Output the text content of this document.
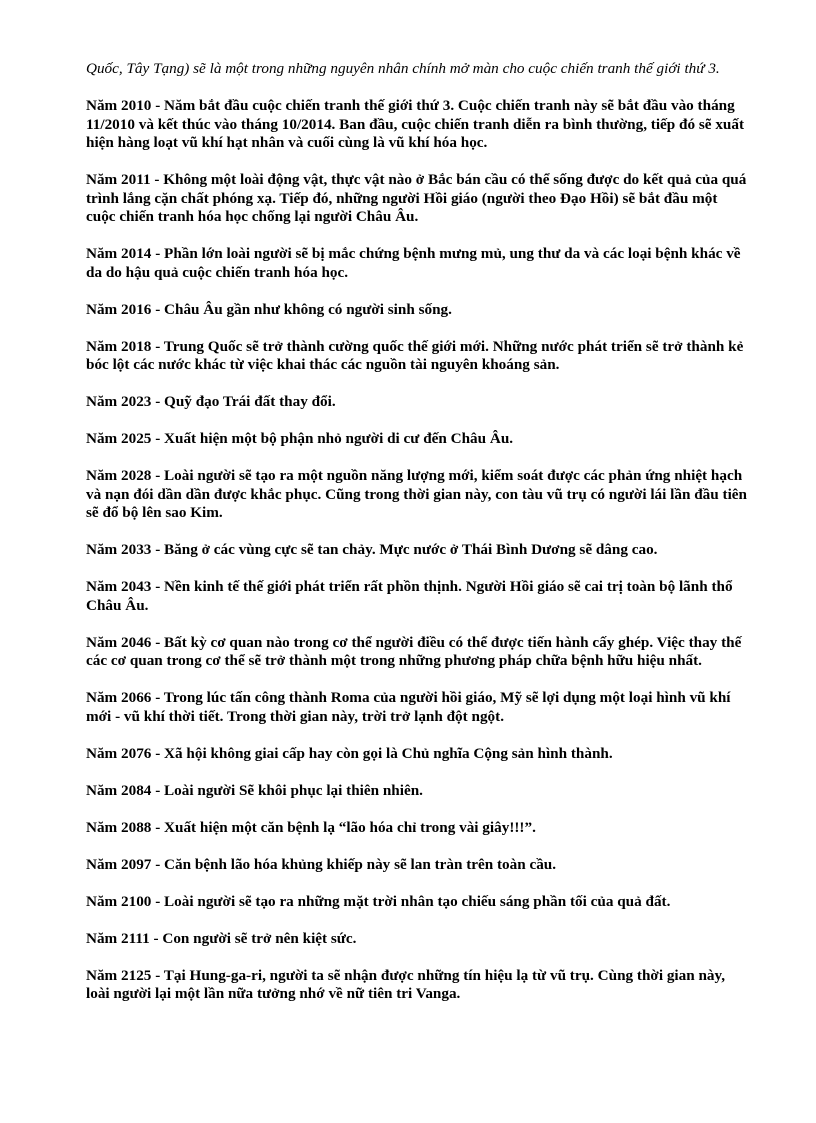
Quốc, Tây Tạng) sẽ là một trong những nguyên nhân chính mở màn cho cuộc chiến tranh thế giới thứ 3.

Năm 2010 - Năm bắt đầu cuộc chiến tranh thế giới thứ 3. Cuộc chiến tranh này sẽ bắt đầu vào tháng 11/2010 và kết thúc vào tháng 10/2014. Ban đầu, cuộc chiến tranh diễn ra bình thường, tiếp đó sẽ xuất hiện hàng loạt vũ khí hạt nhân và cuối cùng là vũ khí hóa học.

Năm 2011 - Không một loài động vật, thực vật nào ở Bắc bán cầu có thể sống được do kết quả của quá trình lắng cặn chất phóng xạ. Tiếp đó, những người Hồi giáo (người theo Đạo Hồi) sẽ bắt đầu một cuộc chiến tranh hóa học chống lại người Châu Âu.

Năm 2014 - Phần lớn loài người sẽ bị mắc chứng bệnh mưng mủ, ung thư da và các loại bệnh khác về da do hậu quả cuộc chiến tranh hóa học.

Năm 2016 - Châu Âu gần như không có người sinh sống.

Năm 2018 - Trung Quốc sẽ trở thành cường quốc thế giới mới. Những nước phát triển sẽ trở thành kẻ bóc lột các nước khác từ việc khai thác các nguồn tài nguyên khoáng sản.

Năm 2023 - Quỹ đạo Trái đất thay đổi.

Năm 2025 - Xuất hiện một bộ phận nhỏ người di cư đến Châu Âu.

Năm 2028 - Loài người sẽ tạo ra một nguồn năng lượng mới, kiểm soát được các phản ứng nhiệt hạch và nạn đói dần dần được khắc phục. Cũng trong thời gian này, con tàu vũ trụ có người lái lần đầu tiên sẽ đổ bộ lên sao Kim.

Năm 2033 - Băng ở các vùng cực sẽ tan chảy. Mực nước ở Thái Bình Dương sẽ dâng cao.

Năm 2043 - Nền kinh tế thế giới phát triển rất phồn thịnh. Người Hồi giáo sẽ cai trị toàn bộ lãnh thổ Châu Âu.

Năm 2046 - Bất kỳ cơ quan nào trong cơ thể người điều có thể được tiến hành cấy ghép. Việc thay thế các cơ quan trong cơ thể sẽ trở thành một trong những phương pháp chữa bệnh hữu hiệu nhất.

Năm 2066 - Trong lúc tấn công thành Roma của người hồi giáo, Mỹ sẽ lợi dụng một loại hình vũ khí mới - vũ khí thời tiết. Trong thời gian này, trời trở lạnh đột ngột.

Năm 2076 - Xã hội không giai cấp hay còn gọi là Chủ nghĩa Cộng sản hình thành.

Năm 2084 - Loài người Sẽ khôi phục lại thiên nhiên.

Năm 2088 - Xuất hiện một căn bệnh lạ “lão hóa chỉ trong vài giây!!!”.

Năm 2097 - Căn bệnh lão hóa khủng khiếp này sẽ lan tràn trên toàn cầu.

Năm 2100 - Loài người sẽ tạo ra những mặt trời nhân tạo chiếu sáng phần tối của quả đất.

Năm 2111 - Con người sẽ trở nên kiệt sức.

Năm 2125 - Tại Hung-ga-ri, người ta sẽ nhận được những tín hiệu lạ từ vũ trụ. Cùng thời gian này, loài người lại một lần nữa tưởng nhớ về nữ tiên tri Vanga.
